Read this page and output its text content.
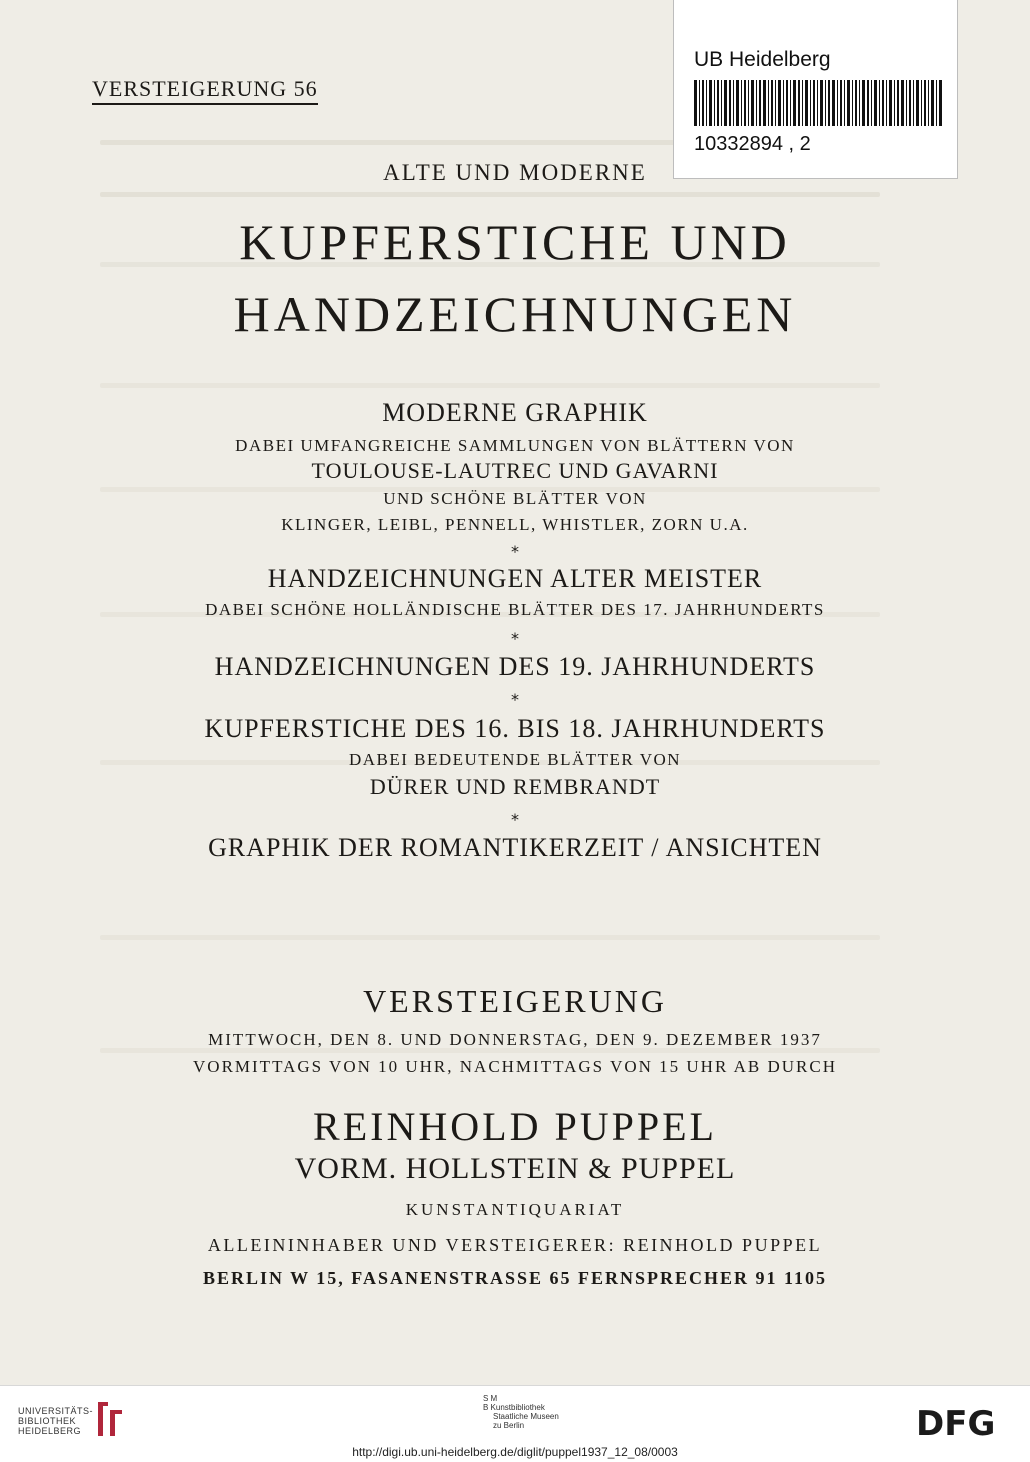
VERSTEIGERUNG 56
UB Heidelberg
10332894 , 2
ALTE UND MODERNE
KUPFERSTICHE UND
HANDZEICHNUNGEN
MODERNE GRAPHIK
DABEI UMFANGREICHE SAMMLUNGEN VON BLÄTTERN VON
TOULOUSE-LAUTREC UND GAVARNI
UND SCHÖNE BLÄTTER VON
KLINGER, LEIBL, PENNELL, WHISTLER, ZORN U.A.
*
HANDZEICHNUNGEN ALTER MEISTER
DABEI SCHÖNE HOLLÄNDISCHE BLÄTTER DES 17. JAHRHUNDERTS
*
HANDZEICHNUNGEN DES 19. JAHRHUNDERTS
*
KUPFERSTICHE DES 16. BIS 18. JAHRHUNDERTS
DABEI BEDEUTENDE BLÄTTER VON
DÜRER UND REMBRANDT
*
GRAPHIK DER ROMANTIKERZEIT / ANSICHTEN
VERSTEIGERUNG
MITTWOCH, DEN 8. UND DONNERSTAG, DEN 9. DEZEMBER 1937
VORMITTAGS VON 10 UHR, NACHMITTAGS VON 15 UHR AB DURCH
REINHOLD PUPPEL
VORM. HOLLSTEIN & PUPPEL
KUNSTANTIQUARIAT
ALLEININHABER UND VERSTEIGERER: REINHOLD PUPPEL
BERLIN W 15, FASANENSTRASSE 65 FERNSPRECHER 91 1105
UNIVERSITÄTS-
BIBLIOTHEK
HEIDELBERG
S M
B Kunstbibliothek
Staatliche Museen
zu Berlin	DFG
http://digi.ub.uni-heidelberg.de/diglit/puppel1937_12_08/0003
